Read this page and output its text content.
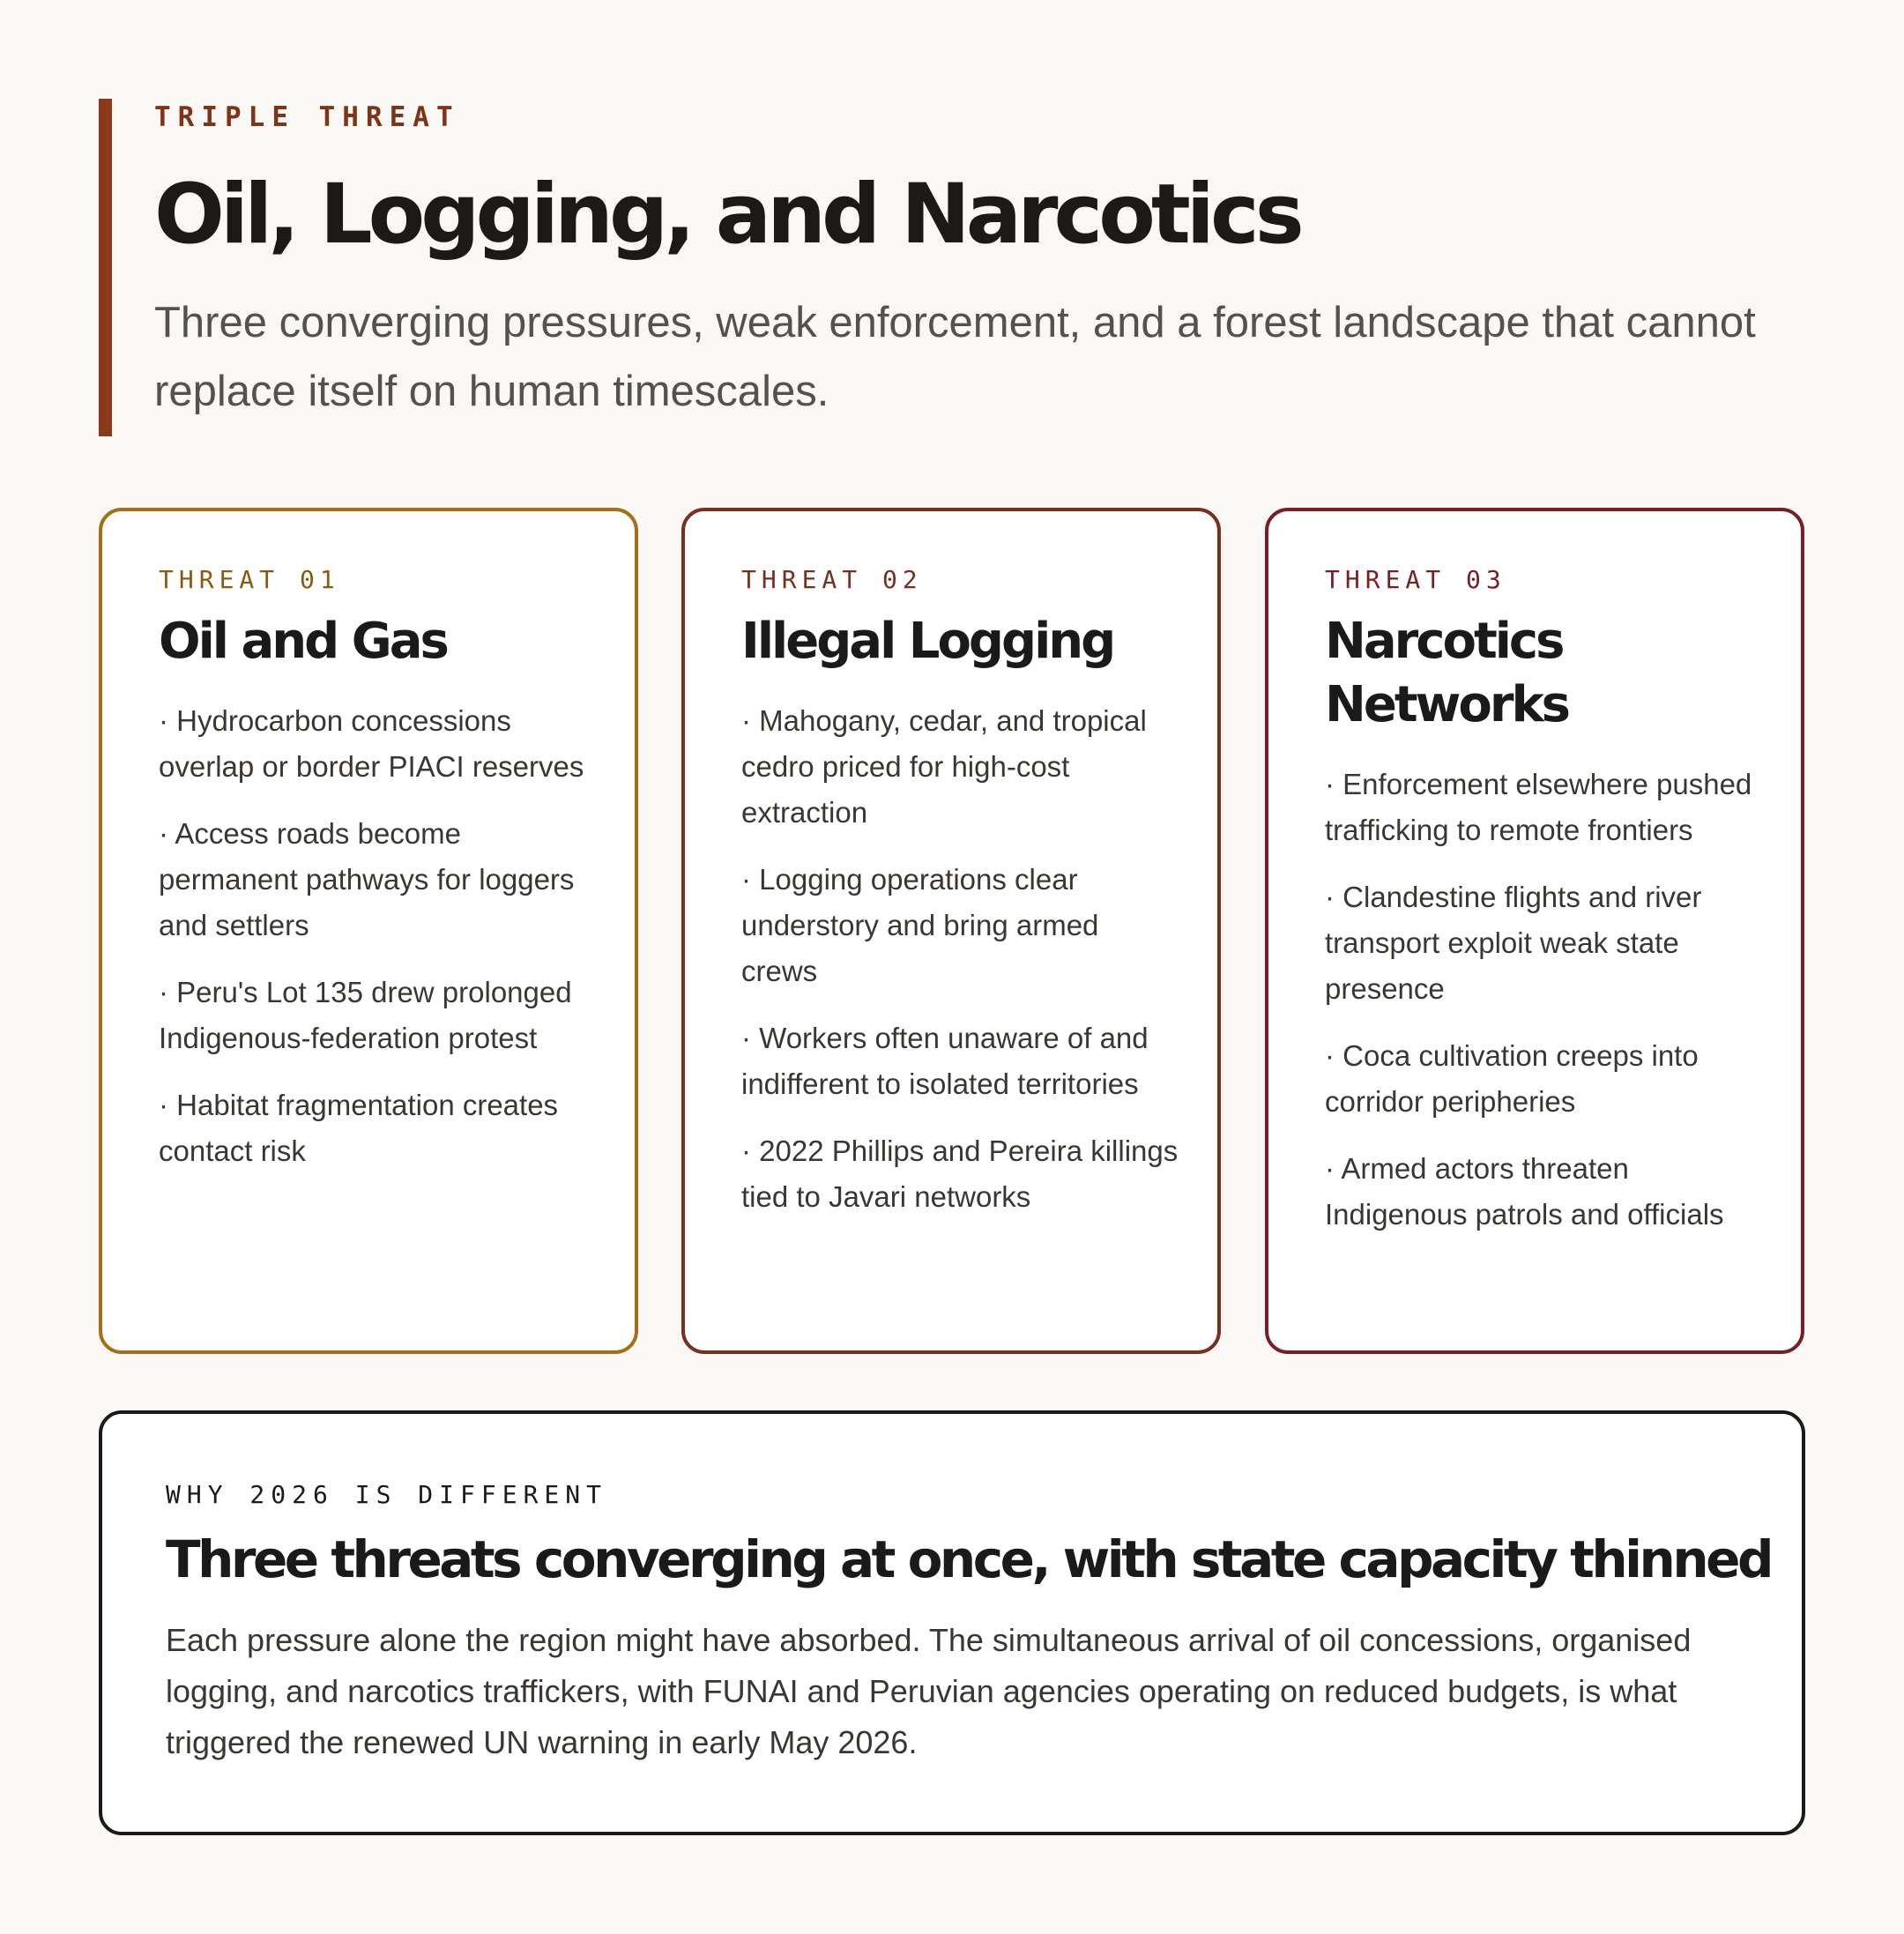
TRIPLE THREAT
Oil, Logging, and Narcotics
Three converging pressures, weak enforcement, and a forest landscape that cannot replace itself on human timescales.
THREAT 01
Oil and Gas
· Hydrocarbon concessions overlap or border PIACI reserves
· Access roads become permanent pathways for loggers and settlers
· Peru's Lot 135 drew prolonged Indigenous-federation protest
· Habitat fragmentation creates contact risk
THREAT 02
Illegal Logging
· Mahogany, cedar, and tropical cedro priced for high-cost extraction
· Logging operations clear understory and bring armed crews
· Workers often unaware of and indifferent to isolated territories
· 2022 Phillips and Pereira killings tied to Javari networks
THREAT 03
Narcotics Networks
· Enforcement elsewhere pushed trafficking to remote frontiers
· Clandestine flights and river transport exploit weak state presence
· Coca cultivation creeps into corridor peripheries
· Armed actors threaten Indigenous patrols and officials
WHY 2026 IS DIFFERENT
Three threats converging at once, with state capacity thinned
Each pressure alone the region might have absorbed. The simultaneous arrival of oil concessions, organised logging, and narcotics traffickers, with FUNAI and Peruvian agencies operating on reduced budgets, is what triggered the renewed UN warning in early May 2026.
